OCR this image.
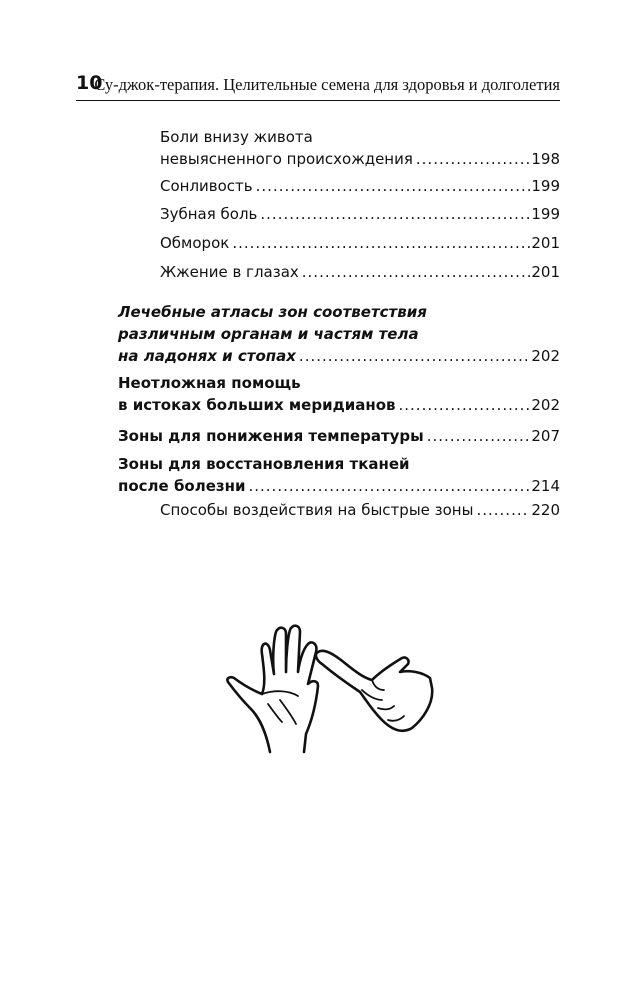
10
Су-джок-терапия. Целительные семена для здоровья и долголетия
Боли внизу живота
невыясненного происхождения .....	198
Сонливость .....	199
Зубная боль .....	199
Обморок .....	201
Жжение в глазах .....	201
Лечебные атласы зон соответствия
различным органам и частям тела
на ладонях и стопах .....	202
Неотложная помощь
в истоках больших меридианов .....	202
Зоны для понижения температуры .....	207
Зоны для восстановления тканей
после болезни .....	214
Способы воздействия на быстрые зоны .....	220
